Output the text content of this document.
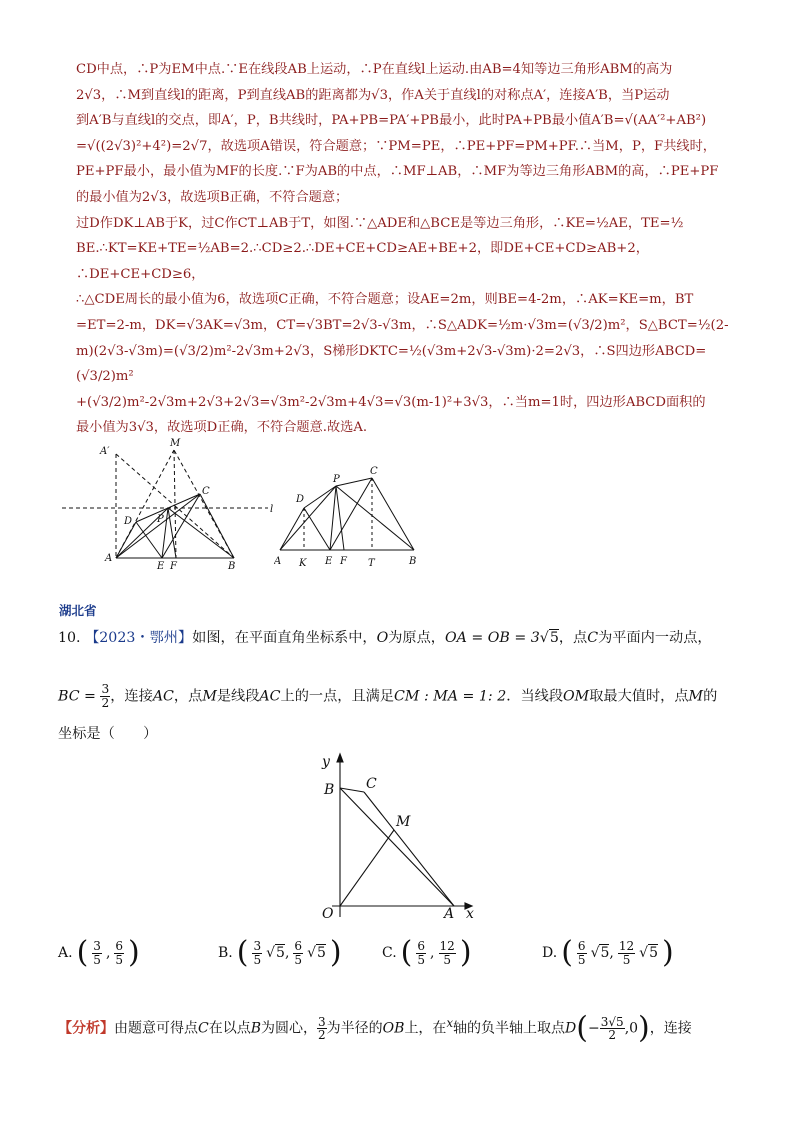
CD中点，∴P为EM中点.∵E在线段AB上运动，∴P在直线l上运动.由AB=4知等边三角形ABM的高为

2√3，∴M到直线l的距离，P到直线AB的距离都为√3，作A关于直线l的对称点A′，连接A′B，当P运动

到A′B与直线l的交点，即A′，P，B共线时，PA+PB=PA′+PB最小，此时PA+PB最小值A′B=√(AA′²+AB²)

=√((2√3)²+4²)=2√7，故选项A错误，符合题意；∵PM=PE，∴PE+PF=PM+PF.∴当M，P，F共线时，

PE+PF最小，最小值为MF的长度.∵F为AB的中点，∴MF⊥AB，∴MF为等边三角形ABM的高，∴PE+PF

的最小值为2√3，故选项B正确，不符合题意；

过D作DK⊥AB于K，过C作CT⊥AB于T，如图.∵△ADE和△BCE是等边三角形，∴KE=½AE，TE=½

BE.∴KT=KE+TE=½AB=2.∴CD≥2.∴DE+CE+CD≥AE+BE+2，即DE+CE+CD≥AB+2，∴DE+CE+CD≥6，

∴△CDE周长的最小值为6，故选项C正确，不符合题意；设AE=2m，则BE=4-2m，∴AK=KE=m，BT

=ET=2-m，DK=√3AK=√3m，CT=√3BT=2√3-√3m，∴S△ADK=½m·√3m=(√3/2)m²，S△BCT=½(2-

m)(2√3-√3m)=(√3/2)m²-2√3m+2√3，S梯形DKTC=½(√3m+2√3-√3m)·2=2√3，∴S四边形ABCD=(√3/2)m²

+(√3/2)m²-2√3m+2√3+2√3=√3m²-2√3m+4√3=√3(m-1)²+3√3，∴当m=1时，四边形ABCD面积的

最小值为3√3，故选项D正确，不符合题意.故选A.

A′
M
C
D P
l
A
E F	B
C
P
D
A K E F T	B
湖北省
10. 【2023・鄂州】如图，在平面直角坐标系中，O为原点，OA = OB = 3√5，点C为平面内一动点，
BC = $\frac{3}{2}$ ，连接AC，点M是线段AC上的一点，且满足CM : MA = 1: 2．当线段OM取最大值时，点M的
坐标是（　　）
y
B C
M
O	A x
A. ( $\frac{3}{5}$ , $\frac{6}{5}$ )	B. ( $\frac{3}{5} √5$, $\frac{6}{5} √5$ )	C. ( $\frac{6}{5}$ , $\frac{12}{5}$ )	D. ( $\frac{6}{5} √5$, $\frac{12}{5} √5$ )
【分析】由题意可得点C在以点B为圆心， $\frac{3}{2}$ 为半径的OB上，在$^x$轴的负半轴上取点$D(- \frac{3√5}{2} ,0)$，连接
